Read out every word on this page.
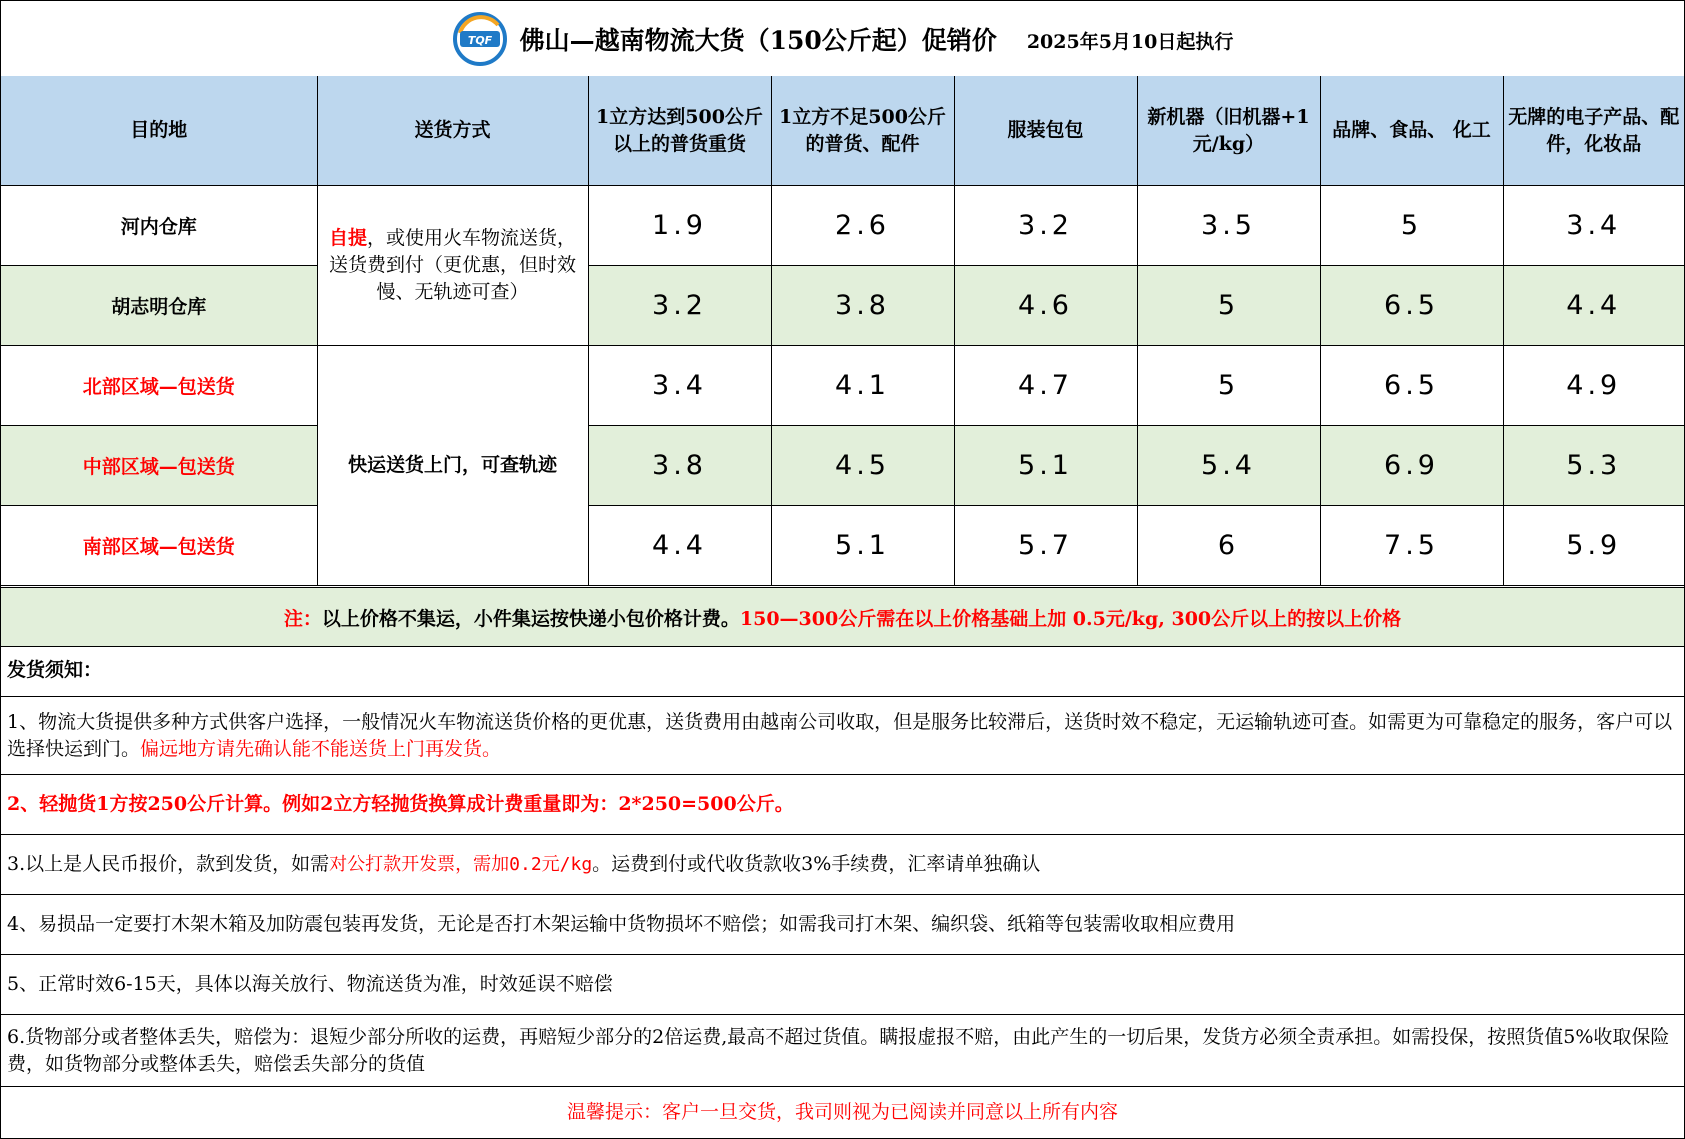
TQF 佛山—越南物流大货（150公斤起）促销价 2025年5月10日起执行
目的地	送货方式	1立方达到500公斤以上的普货重货	1立方不足500公斤的普货、配件	服装包包	新机器（旧机器+1元/kg）	品牌、食品、 化工	无牌的电子产品、配件，化妆品
河内仓库	自提，或使用火车物流送货，送货费到付（更优惠，但时效慢、无轨迹可查）	1.9	2.6	3.2	3.5	5	3.4
胡志明仓库		3.2	3.8	4.6	5	6.5	4.4
北部区域—包送货	快运送货上门，可查轨迹	3.4	4.1	4.7	5	6.5	4.9
中部区域—包送货		3.8	4.5	5.1	5.4	6.9	5.3
南部区域—包送货		4.4	5.1	5.7	6	7.5	5.9
注： 以上价格不集运，小件集运按快递小包价格计费。 150—300公斤需在以上价格基础上加 0.5元/kg, 300公斤以上的按以上价格
发货须知：
1、物流大货提供多种方式供客户选择，一般情况火车物流送货价格的更优惠，送货费用由越南公司收取，但是服务比较滞后，送货时效不稳定，无运输轨迹可查。如需更为可靠稳定的服务，客户可以选择快运到门。偏远地方请先确认能不能送货上门再发货。
2、轻抛货1方按250公斤计算。例如2立方轻抛货换算成计费重量即为：2*250=500公斤。
3.以上是人民币报价，款到发货，如需对公打款开发票，需加0.2元/kg。运费到付或代收货款收3%手续费，汇率请单独确认
4、易损品一定要打木架木箱及加防震包装再发货，无论是否打木架运输中货物损坏不赔偿；如需我司打木架、编织袋、纸箱等包装需收取相应费用
5、正常时效6-15天，具体以海关放行、物流送货为准，时效延误不赔偿
6.货物部分或者整体丢失，赔偿为：退短少部分所收的运费，再赔短少部分的2倍运费,最高不超过货值。瞒报虚报不赔，由此产生的一切后果，发货方必须全责承担。如需投保，按照货值5%收取保险费，如货物部分或整体丢失，赔偿丢失部分的货值
温馨提示：客户一旦交货，我司则视为已阅读并同意以上所有内容
